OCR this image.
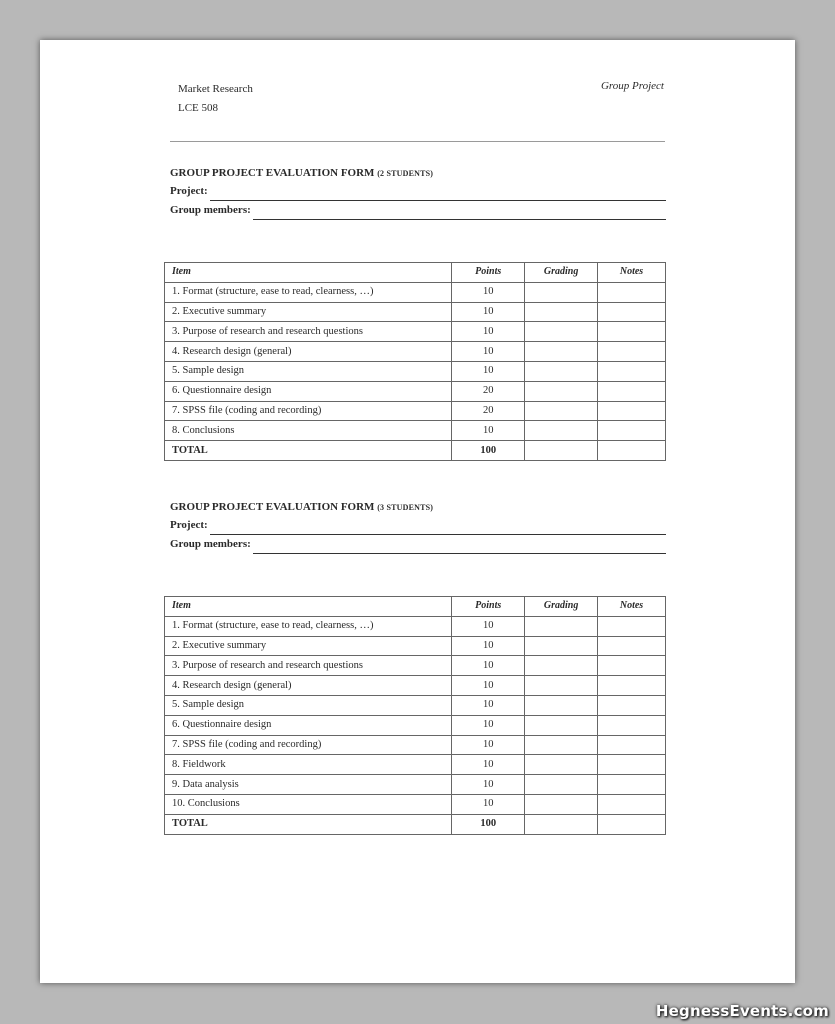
Market Research
LCE 508
Group Project
GROUP PROJECT EVALUATION FORM (2 STUDENTS)
Project:
Group members:
Item	Points	Grading	Notes
1. Format (structure, ease to read, clearness, …)	10		
2. Executive summary	10		
3. Purpose of research and research questions	10		
4. Research design (general)	10		
5. Sample design	10		
6. Questionnaire design	20		
7. SPSS file (coding and recording)	20		
8. Conclusions	10		
TOTAL	100		
GROUP PROJECT EVALUATION FORM (3 STUDENTS)
Project:
Group members:
Item	Points	Grading	Notes
1. Format (structure, ease to read, clearness, …)	10		
2. Executive summary	10		
3. Purpose of research and research questions	10		
4. Research design (general)	10		
5. Sample design	10		
6. Questionnaire design	10		
7. SPSS file (coding and recording)	10		
8. Fieldwork	10		
9. Data analysis	10		
10. Conclusions	10		
TOTAL	100		
HegnessEvents.com
